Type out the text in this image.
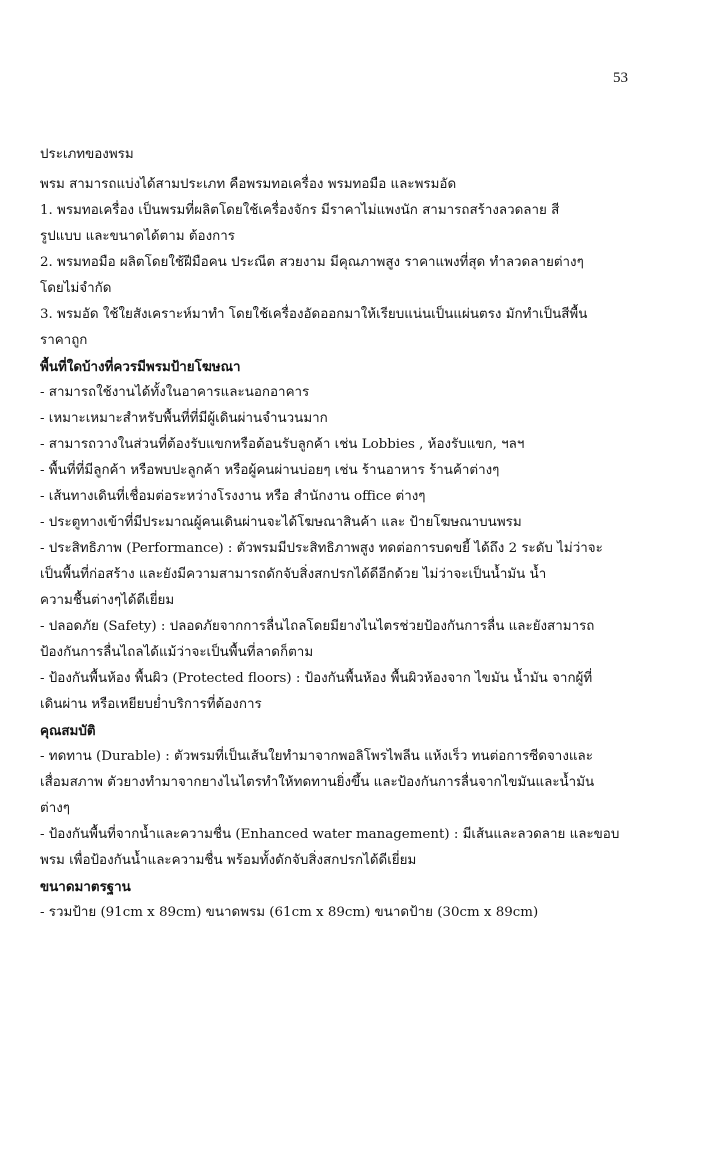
53
ประเภทของพรม
พรม สามารถแบ่งได้สามประเภท คือพรมทอเครื่อง พรมทอมือ และพรมอัด
1. พรมทอเครื่อง เป็นพรมที่ผลิตโดยใช้เครื่องจักร มีราคาไม่แพงนัก สามารถสร้างลวดลาย สี
รูปแบบ และขนาดได้ตาม ต้องการ
2. พรมทอมือ ผลิตโดยใช้ฝีมือคน ประณีต สวยงาม มีคุณภาพสูง ราคาแพงที่สุด ทำลวดลายต่างๆ
โดยไม่จำกัด
3. พรมอัด ใช้ใยสังเคราะห์มาทำ โดยใช้เครื่องอัดออกมาให้เรียบแน่นเป็นแผ่นตรง มักทำเป็นสีพื้น
ราคาถูก
พื้นที่ใดบ้างที่ควรมีพรมป้ายโฆษณา
- สามารถใช้งานได้ทั้งในอาคารและนอกอาคาร
- เหมาะเหมาะสำหรับพื้นที่ที่มีผู้เดินผ่านจำนวนมาก
- สามารถวางในส่วนที่ต้องรับแขกหรือต้อนรับลูกค้า เช่น Lobbies , ห้องรับแขก, ฯลฯ
- พื้นที่ที่มีลูกค้า หรือพบปะลูกค้า หรือผู้คนผ่านบ่อยๆ เช่น ร้านอาหาร ร้านค้าต่างๆ
- เส้นทางเดินที่เชื่อมต่อระหว่างโรงงาน หรือ สำนักงาน office ต่างๆ
- ประตูทางเข้าที่มีประมาณผู้คนเดินผ่านจะได้โฆษณาสินค้า และ ป้ายโฆษณาบนพรม
- ประสิทธิภาพ (Performance) : ตัวพรมมีประสิทธิภาพสูง ทดต่อการบดขยี้ ได้ถึง 2 ระดับ ไม่ว่าจะ
เป็นพื้นที่ก่อสร้าง และยังมีความสามารถดักจับสิ่งสกปรกได้ดีอีกด้วย ไม่ว่าจะเป็นน้ำมัน น้ำ
ความชื้นต่างๆได้ดีเยี่ยม
- ปลอดภัย (Safety) : ปลอดภัยจากการลื่นไถลโดยมียางไนไตรช่วยป้องกันการลื่น และยังสามารถ
ป้องกันการลื่นไถลได้แม้ว่าจะเป็นพื้นที่ลาดก็ตาม
- ป้องกันพื้นห้อง พื้นผิว (Protected floors) : ป้องกันพื้นห้อง พื้นผิวห้องจาก ไขมัน น้ำมัน จากผู้ที่
เดินผ่าน หรือเหยียบย่ำบริการที่ต้องการ
คุณสมบัติ
- ทดทาน (Durable) : ตัวพรมที่เป็นเส้นใยทำมาจากพอลิโพรไพลีน แห้งเร็ว ทนต่อการซีดจางและ
เสื่อมสภาพ ตัวยางทำมาจากยางไนไตรทำให้ทดทานยิ่งขึ้น และป้องกันการลื่นจากไขมันและน้ำมัน
ต่างๆ
- ป้องกันพื้นที่จากน้ำและความชื่น (Enhanced water management) : มีเส้นและลวดลาย และขอบ
พรม เพื่อป้องกันน้ำและความชื่น พร้อมทั้งดักจับสิ่งสกปรกได้ดีเยี่ยม
ขนาดมาตรฐาน
- รวมป้าย (91cm x 89cm) ขนาดพรม (61cm x 89cm) ขนาดป้าย (30cm x 89cm)
